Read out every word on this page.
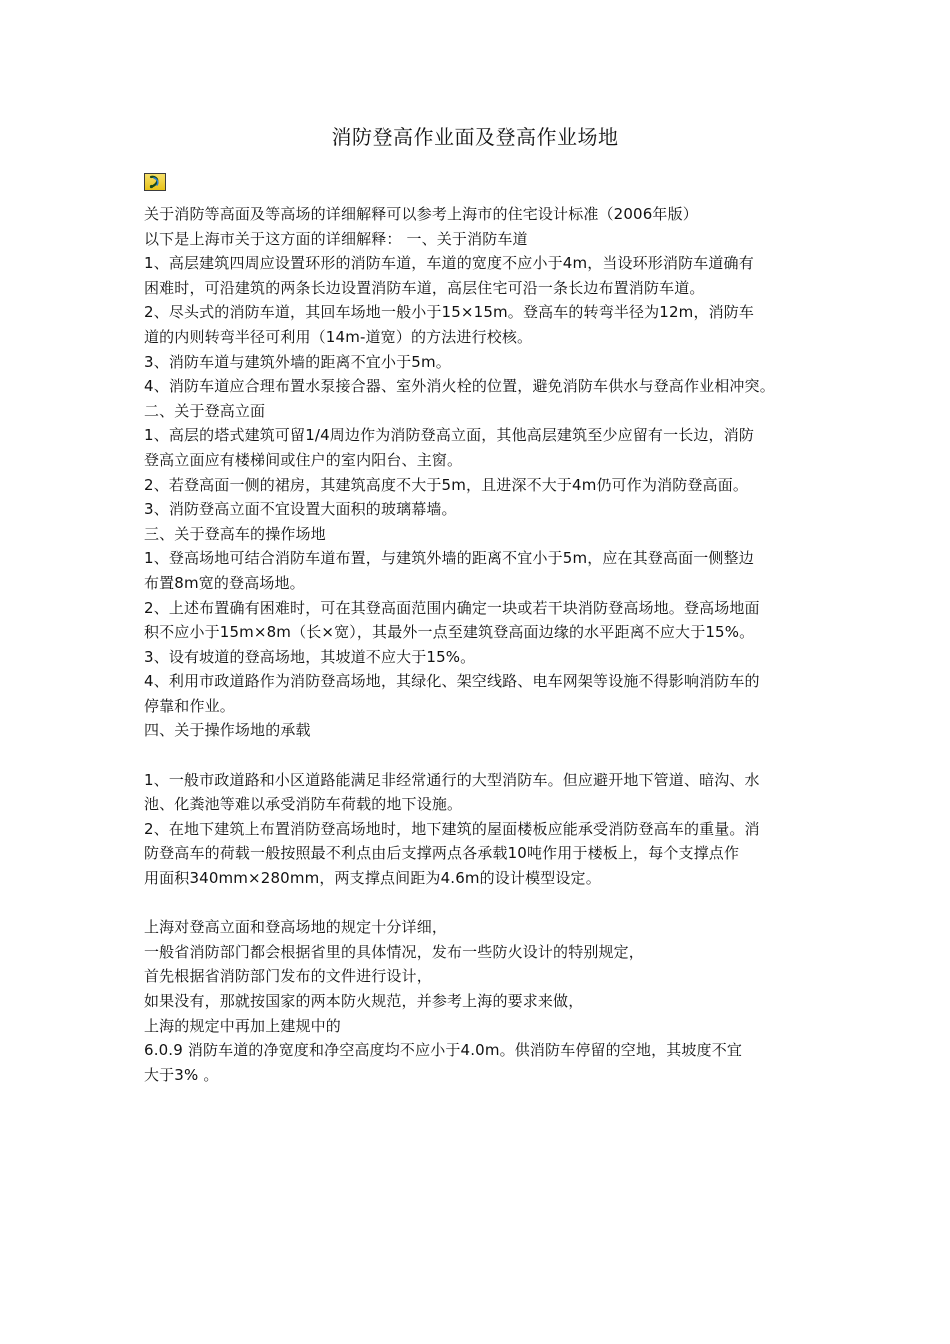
消防登高作业面及登高作业场地
关于消防等高面及等高场的详细解释可以参考上海市的住宅设计标准（2006年版）
以下是上海市关于这方面的详细解释： 一、关于消防车道
1、高层建筑四周应设置环形的消防车道，车道的宽度不应小于4m，当设环形消防车道确有
困难时，可沿建筑的两条长边设置消防车道，高层住宅可沿一条长边布置消防车道。
2、尽头式的消防车道，其回车场地一般小于15×15m。登高车的转弯半径为12m，消防车
道的内则转弯半径可利用（14m-道宽）的方法进行校核。
3、消防车道与建筑外墙的距离不宜小于5m。
4、消防车道应合理布置水泵接合器、室外消火栓的位置，避免消防车供水与登高作业相冲突。
二、关于登高立面
1、高层的塔式建筑可留1/4周边作为消防登高立面，其他高层建筑至少应留有一长边，消防
登高立面应有楼梯间或住户的室内阳台、主窗。
2、若登高面一侧的裙房，其建筑高度不大于5m，且进深不大于4m仍可作为消防登高面。
3、消防登高立面不宜设置大面积的玻璃幕墙。
三、关于登高车的操作场地
1、登高场地可结合消防车道布置，与建筑外墙的距离不宜小于5m，应在其登高面一侧整边
布置8m宽的登高场地。
2、上述布置确有困难时，可在其登高面范围内确定一块或若干块消防登高场地。登高场地面
积不应小于15m×8m（长×宽），其最外一点至建筑登高面边缘的水平距离不应大于15%。
3、设有坡道的登高场地，其坡道不应大于15%。
4、利用市政道路作为消防登高场地，其绿化、架空线路、电车网架等设施不得影响消防车的
停靠和作业。
四、关于操作场地的承载
1、一般市政道路和小区道路能满足非经常通行的大型消防车。但应避开地下管道、暗沟、水
池、化粪池等难以承受消防车荷载的地下设施。
2、在地下建筑上布置消防登高场地时，地下建筑的屋面楼板应能承受消防登高车的重量。消
防登高车的荷载一般按照最不利点由后支撑两点各承载10吨作用于楼板上，每个支撑点作
用面积340mm×280mm，两支撑点间距为4.6m的设计模型设定。
上海对登高立面和登高场地的规定十分详细，
一般省消防部门都会根据省里的具体情况，发布一些防火设计的特别规定，
首先根据省消防部门发布的文件进行设计，
如果没有，那就按国家的两本防火规范，并参考上海的要求来做，
上海的规定中再加上建规中的
6.0.9 消防车道的净宽度和净空高度均不应小于4.0m。供消防车停留的空地，其坡度不宜
大于3% 。
